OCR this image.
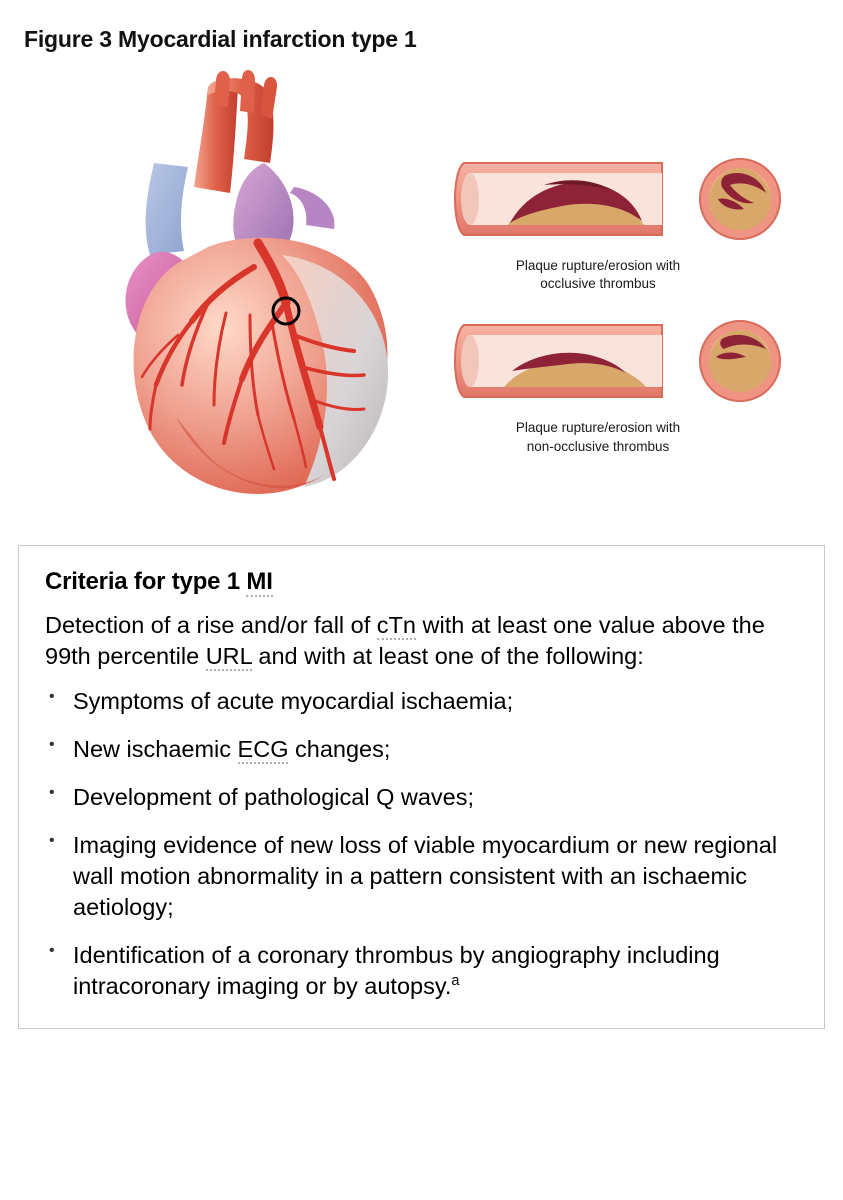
Figure 3 Myocardial infarction type 1
Plaque rupture/erosion with
occlusive thrombus
Plaque rupture/erosion with
non-occlusive thrombus
Criteria for type 1 MI
Detection of a rise and/or fall of cTn with at least one value above the 99th percentile URL and with at least one of the following:
• Symptoms of acute myocardial ischaemia;
• New ischaemic ECG changes;
• Development of pathological Q waves;
• Imaging evidence of new loss of viable myocardium or new regional wall motion abnormality in a pattern consistent with an ischaemic aetiology;
• Identification of a coronary thrombus by angiography including intracoronary imaging or by autopsy.$^a$
